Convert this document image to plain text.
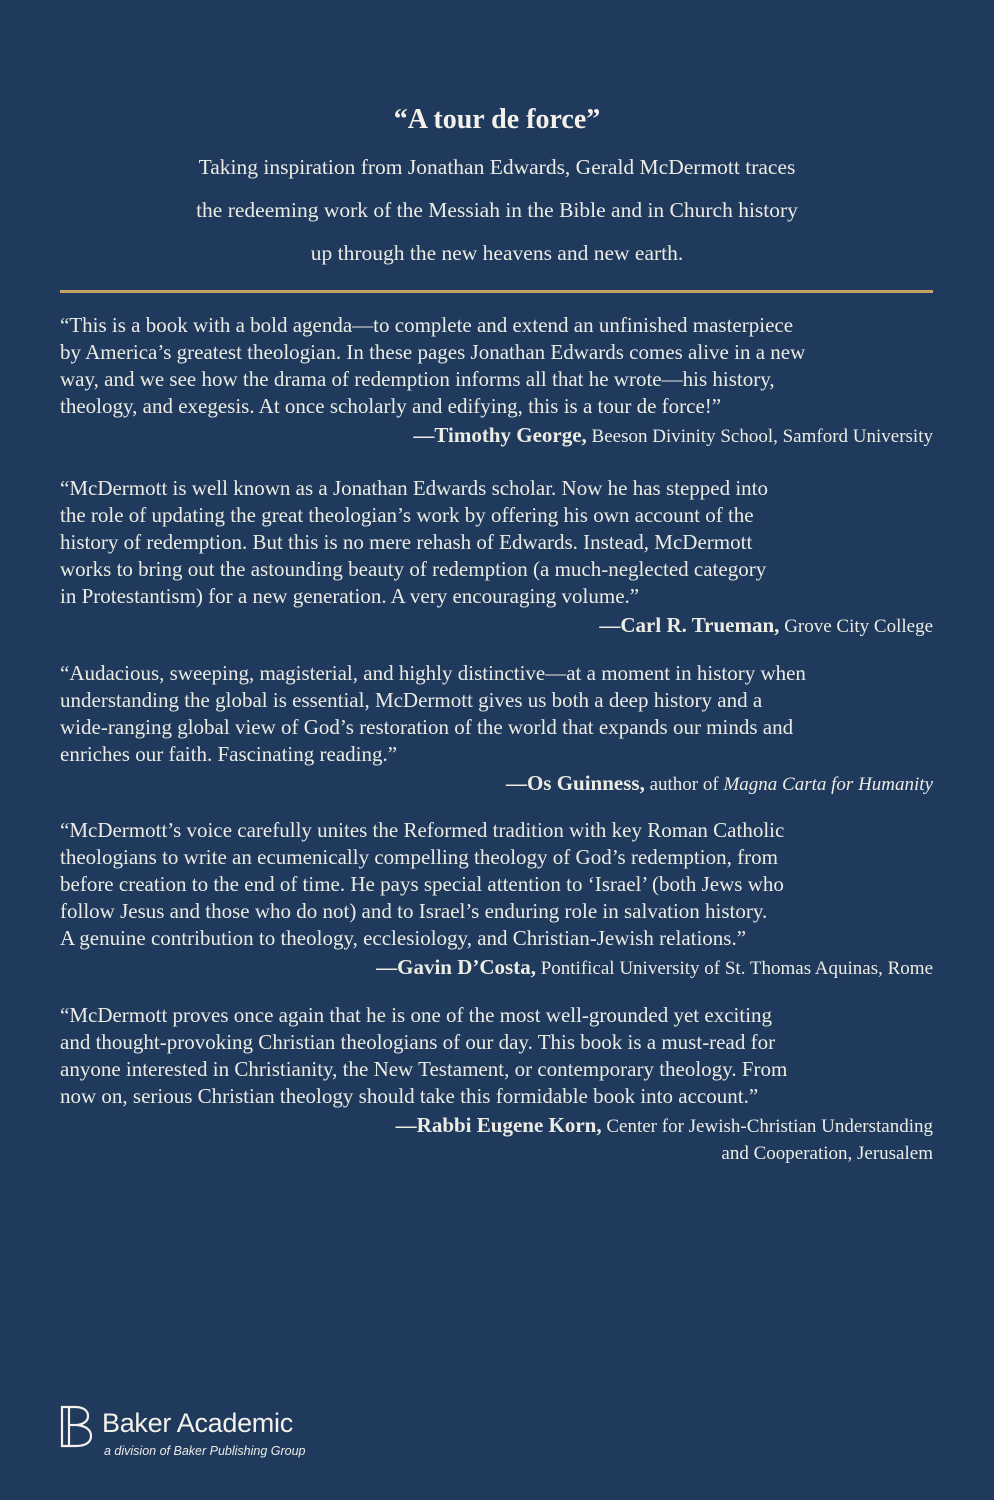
“A tour de force”
Taking inspiration from Jonathan Edwards, Gerald McDermott traces
the redeeming work of the Messiah in the Bible and in Church history
up through the new heavens and new earth.
“This is a book with a bold agenda—to complete and extend an unfinished masterpiece
by America’s greatest theologian. In these pages Jonathan Edwards comes alive in a new
way, and we see how the drama of redemption informs all that he wrote—his history,
theology, and exegesis. At once scholarly and edifying, this is a tour de force!”
—Timothy George, Beeson Divinity School, Samford University
“McDermott is well known as a Jonathan Edwards scholar. Now he has stepped into
the role of updating the great theologian’s work by offering his own account of the
history of redemption. But this is no mere rehash of Edwards. Instead, McDermott
works to bring out the astounding beauty of redemption (a much-neglected category
in Protestantism) for a new generation. A very encouraging volume.”
—Carl R. Trueman, Grove City College
“Audacious, sweeping, magisterial, and highly distinctive—at a moment in history when
understanding the global is essential, McDermott gives us both a deep history and a
wide-ranging global view of God’s restoration of the world that expands our minds and
enriches our faith. Fascinating reading.”
—Os Guinness, author of Magna Carta for Humanity
“McDermott’s voice carefully unites the Reformed tradition with key Roman Catholic
theologians to write an ecumenically compelling theology of God’s redemption, from
before creation to the end of time. He pays special attention to ‘Israel’ (both Jews who
follow Jesus and those who do not) and to Israel’s enduring role in salvation history.
A genuine contribution to theology, ecclesiology, and Christian-Jewish relations.”
—Gavin D’Costa, Pontifical University of St. Thomas Aquinas, Rome
“McDermott proves once again that he is one of the most well-grounded yet exciting
and thought-provoking Christian theologians of our day. This book is a must-read for
anyone interested in Christianity, the New Testament, or contemporary theology. From
now on, serious Christian theology should take this formidable book into account.”
—Rabbi Eugene Korn, Center for Jewish-Christian Understanding
and Cooperation, Jerusalem
Baker Academic
a division of Baker Publishing Group
